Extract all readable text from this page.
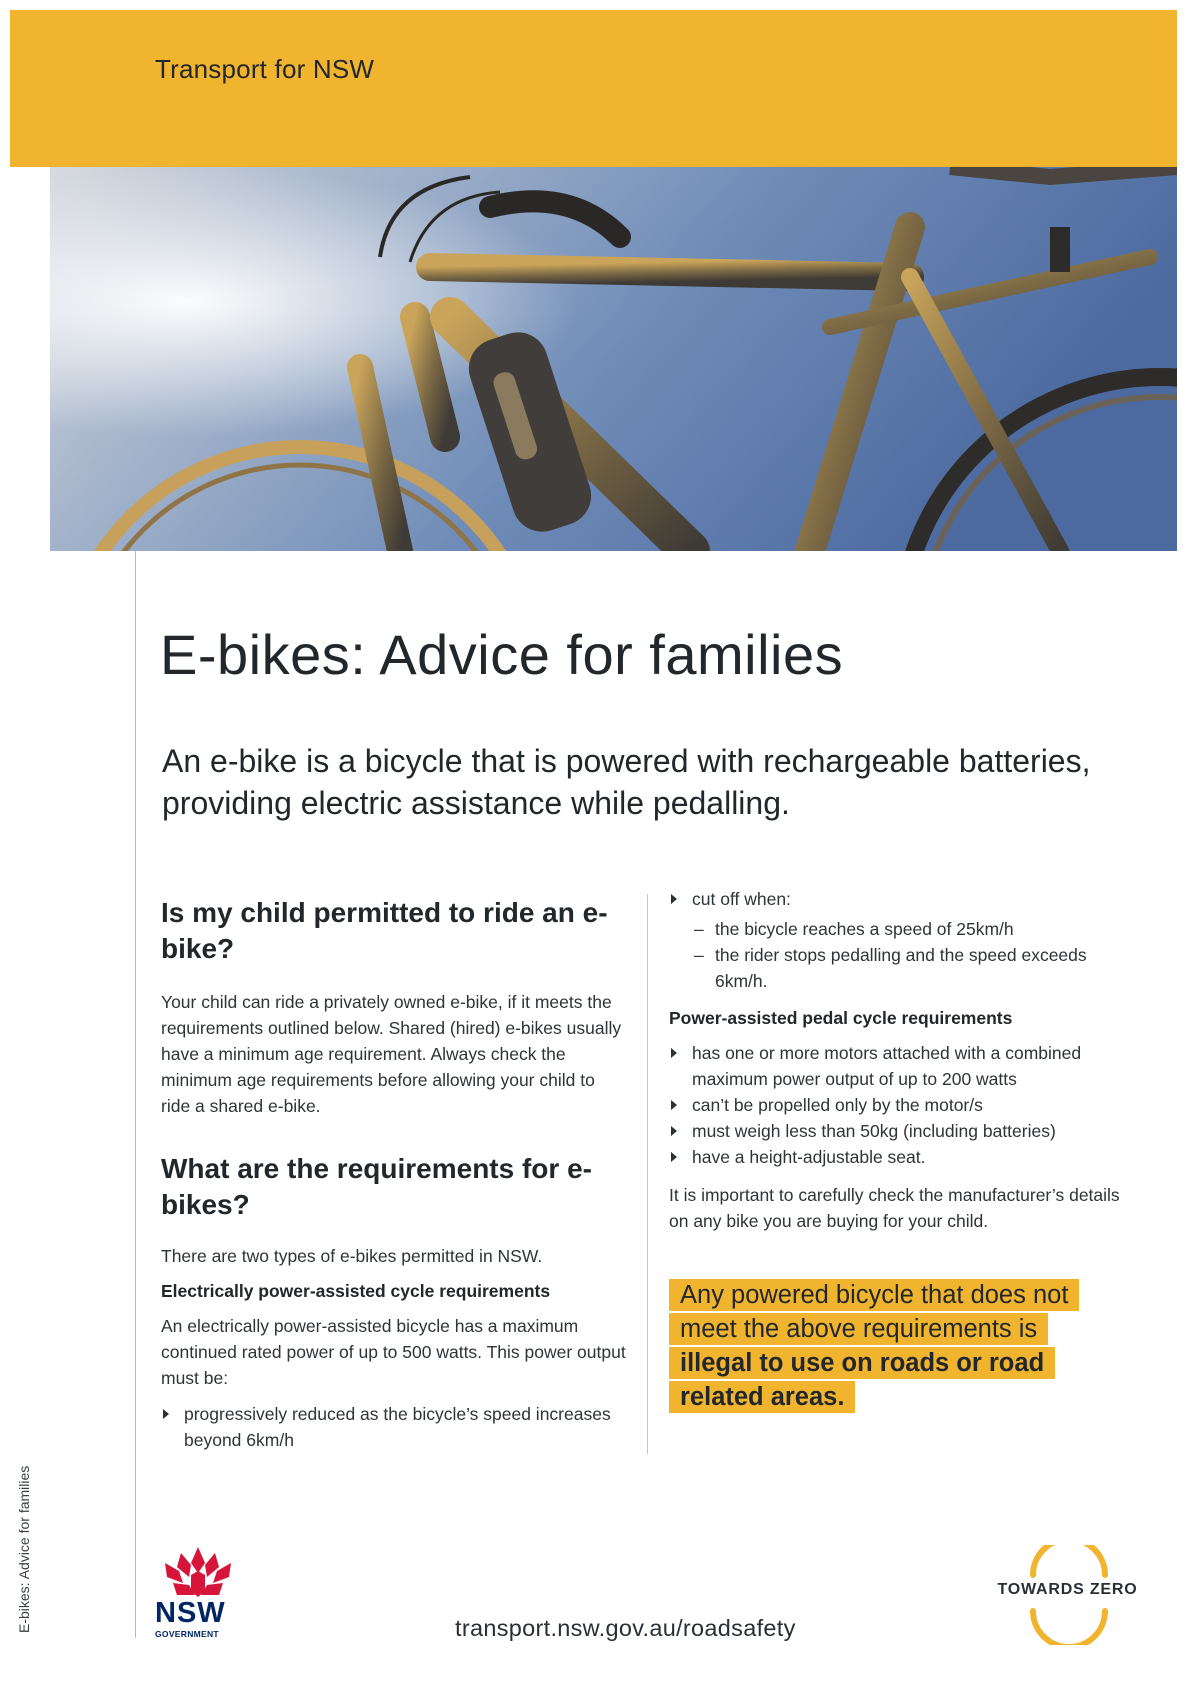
Transport for NSW
E-bikes: Advice for families

An e-bike is a bicycle that is powered with rechargeable batteries, providing electric assistance while pedalling.

Is my child permitted to ride an e-bike?

Your child can ride a privately owned e-bike, if it meets the requirements outlined below. Shared (hired) e-bikes usually have a minimum age requirement. Always check the minimum age requirements before allowing your child to ride a shared e-bike.

What are the requirements for e-bikes?

There are two types of e-bikes permitted in NSW.

Electrically power-assisted cycle requirements

An electrically power-assisted bicycle has a maximum continued rated power of up to 500 watts. This power output must be:

progressively reduced as the bicycle’s speed increases beyond 6km/h
cut off when:
– the bicycle reaches a speed of 25km/h
– the rider stops pedalling and the speed exceeds 6km/h.
Power-assisted pedal cycle requirements
has one or more motors attached with a combined maximum power output of up to 200 watts
can’t be propelled only by the motor/s
must weigh less than 50kg (including batteries)
have a height-adjustable seat.

It is important to carefully check the manufacturer’s details on any bike you are buying for your child.

Any powered bicycle that does not meet the above requirements is illegal to use on roads or road related areas.
E-bikes: Advice for families	NSW
GOVERNMENT	transport.nsw.gov.au/roadsafety
TOWARDS ZERO
